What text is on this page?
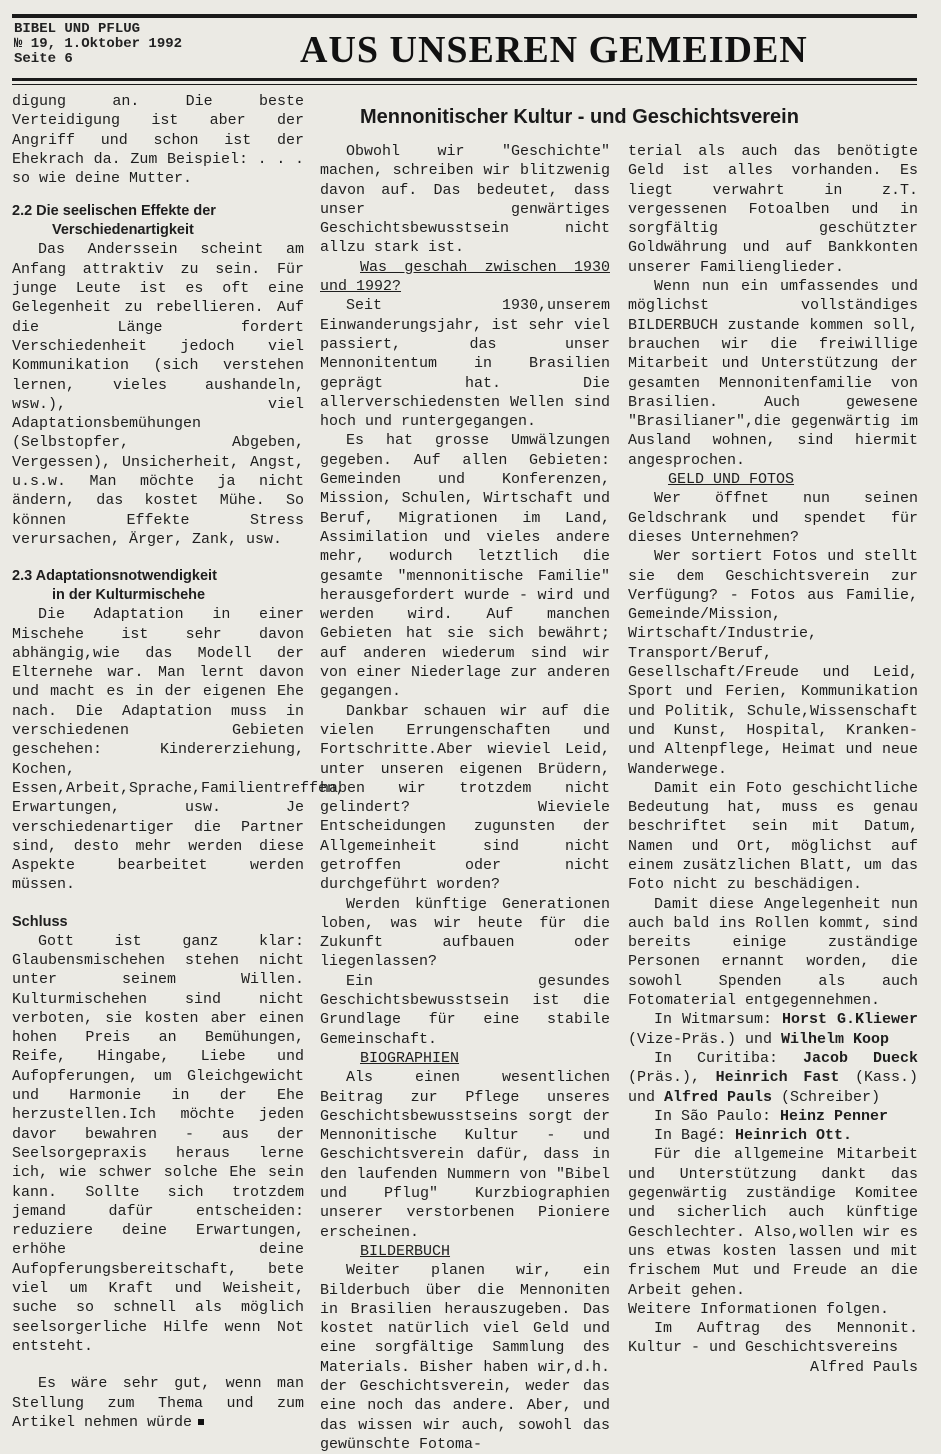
BIBEL UND PFLUG
№ 19, 1.Oktober 1992
Seite 6	AUS UNSEREN GEMEIDEN

digung an. Die beste Verteidigung ist aber der Angriff und schon ist der Ehekrach da. Zum Beispiel: . . . so wie deine Mutter.

2.2 Die seelischen Effekte der
Verschiedenartigkeit

Das Anderssein scheint am Anfang attraktiv zu sein. Für junge Leute ist es oft eine Gelegenheit zu rebellieren. Auf die Länge fordert Verschiedenheit jedoch viel Kommunikation (sich verstehen lernen, vieles aushandeln, wsw.), viel Adaptationsbemühungen (Selbstopfer, Abgeben, Vergessen), Unsicherheit, Angst, u.s.w. Man möchte ja nicht ändern, das kostet Mühe. So können Effekte Stress verursachen, Ärger, Zank, usw.

2.3 Adaptationsnotwendigkeit
in der Kulturmischehe

Die Adaptation in einer Mischehe ist sehr davon abhängig,wie das Modell der Elternehe war. Man lernt davon und macht es in der eigenen Ehe nach. Die Adaptation muss in verschiedenen Gebieten geschehen: Kindererziehung, Kochen, Essen,Arbeit,Sprache,Familientreffen, Erwartungen, usw. Je verschiedenartiger die Partner sind, desto mehr werden diese Aspekte bearbeitet werden müssen.

Schluss

Gott ist ganz klar: Glaubensmischehen stehen nicht unter seinem Willen. Kulturmischehen sind nicht verboten, sie kosten aber einen hohen Preis an Bemühungen, Reife, Hingabe, Liebe und Aufopferungen, um Gleichgewicht und Harmonie in der Ehe herzustellen.Ich möchte jeden davor bewahren - aus der Seelsorgepraxis heraus lerne ich, wie schwer solche Ehe sein kann. Sollte sich trotzdem jemand dafür entscheiden: reduziere deine Erwartungen, erhöhe deine Aufopferungsbereitschaft, bete viel um Kraft und Weisheit, suche so schnell als möglich seelsorgerliche Hilfe wenn Not entsteht.

Es wäre sehr gut, wenn man Stellung zum Thema und zum Artikel nehmen würde

Mennonitischer Kultur - und Geschichtsverein

Obwohl wir "Geschichte" machen, schreiben wir blitzwenig davon auf. Das bedeutet, dass unser genwärtiges Geschichtsbewusstsein nicht allzu stark ist.

Was geschah zwischen 1930 und 1992?

Seit 1930,unserem Einwanderungsjahr, ist sehr viel passiert, das unser Mennonitentum in Brasilien geprägt hat. Die allerverschiedensten Wellen sind hoch und runtergegangen.

Es hat grosse Umwälzungen gegeben. Auf allen Gebieten: Gemeinden und Konferenzen, Mission, Schulen, Wirtschaft und Beruf, Migrationen im Land, Assimilation und vieles andere mehr, wodurch letztlich die gesamte "mennonitische Familie" herausgefordert wurde - wird und werden wird. Auf manchen Gebieten hat sie sich bewährt; auf anderen wiederum sind wir von einer Niederlage zur anderen gegangen.

Dankbar schauen wir auf die vielen Errungenschaften und Fortschritte.Aber wieviel Leid, unter unseren eigenen Brüdern, haben wir trotzdem nicht gelindert? Wieviele Entscheidungen zugunsten der Allgemeinheit sind nicht getroffen oder nicht durchgeführt worden?

Werden künftige Generationen loben, was wir heute für die Zukunft aufbauen oder liegenlassen?

Ein gesundes Geschichtsbewusstsein ist die Grundlage für eine stabile Gemeinschaft.

BIOGRAPHIEN

Als einen wesentlichen Beitrag zur Pflege unseres Geschichtsbewusstseins sorgt der Mennonitische Kultur - und Geschichtsverein dafür, dass in den laufenden Nummern von "Bibel und Pflug" Kurzbiographien unserer verstorbenen Pioniere erscheinen.

BILDERBUCH

Weiter planen wir, ein Bilderbuch über die Mennoniten in Brasilien herauszugeben. Das kostet natürlich viel Geld und eine sorgfältige Sammlung des Materials. Bisher haben wir,d.h. der Geschichtsverein, weder das eine noch das andere. Aber, und das wissen wir auch, sowohl das gewünschte Fotoma-

terial als auch das benötigte Geld ist alles vorhanden. Es liegt verwahrt in z.T. vergessenen Fotoalben und in sorgfältig geschützter Goldwährung und auf Bankkonten unserer Familienglieder.

Wenn nun ein umfassendes und möglichst vollständiges BILDERBUCH zustande kommen soll, brauchen wir die freiwillige Mitarbeit und Unterstützung der gesamten Mennonitenfamilie von Brasilien. Auch gewesene "Brasilianer",die gegenwärtig im Ausland wohnen, sind hiermit angesprochen.

GELD UND FOTOS

Wer öffnet nun seinen Geldschrank und spendet für dieses Unternehmen?

Wer sortiert Fotos und stellt sie dem Geschichtsverein zur Verfügung? - Fotos aus Familie, Gemeinde/Mission, Wirtschaft/Industrie, Transport/Beruf, Gesellschaft/Freude und Leid, Sport und Ferien, Kommunikation und Politik, Schule,Wissenschaft und Kunst, Hospital, Kranken- und Altenpflege, Heimat und neue Wanderwege.

Damit ein Foto geschichtliche Bedeutung hat, muss es genau beschriftet sein mit Datum, Namen und Ort, möglichst auf einem zusätzlichen Blatt, um das Foto nicht zu beschädigen.

Damit diese Angelegenheit nun auch bald ins Rollen kommt, sind bereits einige zuständige Personen ernannt worden, die sowohl Spenden als auch Fotomaterial entgegennehmen.

In Witmarsum: Horst G.Kliewer (Vize-Präs.) und Wilhelm Koop

In Curitiba: Jacob Dueck (Präs.), Heinrich Fast (Kass.) und Alfred Pauls (Schreiber)

In São Paulo: Heinz Penner

In Bagé: Heinrich Ott.

Für die allgemeine Mitarbeit und Unterstützung dankt das gegenwärtig zuständige Komitee und sicherlich auch künftige Geschlechter. Also,wollen wir es uns etwas kosten lassen und mit frischem Mut und Freude an die Arbeit gehen.

Weitere Informationen folgen.

Im Auftrag des Mennonit. Kultur - und Geschichtsvereins

Alfred Pauls
